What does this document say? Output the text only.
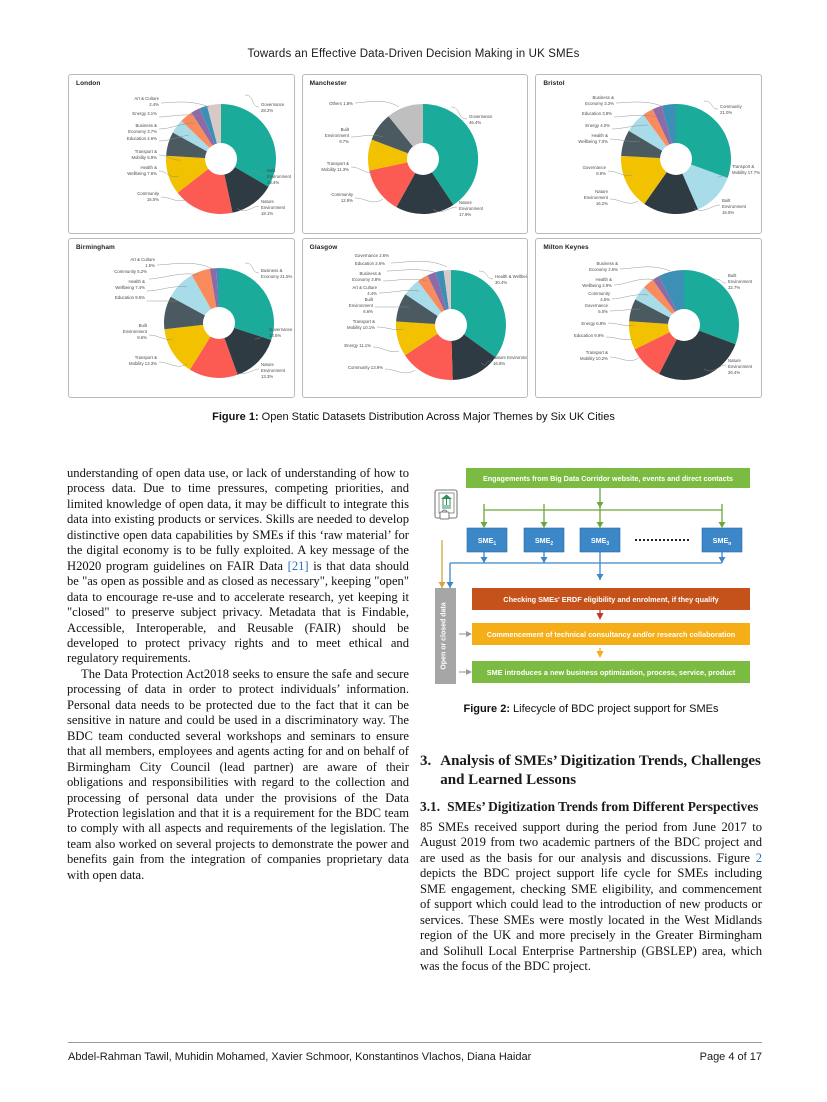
Towards an Effective Data-Driven Decision Making in UK SMEs
London
Governance
28.2%
Built
Environment
19.4%
Nature
Environment
18.1%
Community
15.0%
Health &
Wellbeing 7.6%
Transport &
Mobility 5.9%
Education 4.6%
Business &
Economy 3.7%
Energy 3.1%
Art & Culture
2.4%
Manchester
Governance
46.4%
Nature
Environment
17.9%
Community
12.9%
Transport &
Mobility 11.3%
Built
Environment
9.7%
Others 1.8%
Bristol
Community
21.0%
Transport &
Mobility 17.7%
Built
Environment
16.5%
Nature
Environment
16.2%
Governance
8.9%
Health &
Wellbeing 7.0%
Energy 4.0%
Education 3.8%
Business &
Economy 3.3%
Birmingham
Business &
Economy 21.5%
Governance
18.5%
Nature
Environment
13.3%
Transport &
Mobility 13.3%
Built
Environment
9.6%
Education 9.6%
Health &
Wellbeing 7.4%
Community 5.2%
Art & Culture
1.5%
Glasgow
Health & Wellbeing
30.4%
Nature Environment
16.8%
Community 13.9%
Energy 11.1%
Transport &
Mobility 10.1%
Built
Environment
6.6%
Art & Culture
4.4%
Business &
Economy 3.8%
Education 2.6%
Governance 2.6%
Milton Keynes
Built
Environment
32.7%
Nature
Environment
26.4%
Transport &
Mobility 10.2%
Education 9.9%
Energy 6.8%
Governance
5.0%
Community
4.5%
Health &
Wellbeing 2.9%
Business &
Economy 2.6%
Figure 1: Open Static Datasets Distribution Across Major Themes by Six UK Cities

understanding of open data use, or lack of understanding of how to process data. Due to time pressures, competing priorities, and limited knowledge of open data, it may be difficult to integrate this data into existing products or services. Skills are needed to develop distinctive open data capabilities by SMEs if this ‘raw material’ for the digital economy is to be fully exploited. A key message of the H2020 program guidelines on FAIR Data [21] is that data should be "as open as possible and as closed as necessary", keeping "open" data to encourage re-use and to accelerate research, yet keeping it "closed" to preserve subject privacy. Metadata that is Findable, Accessible, Interoperable, and Reusable (FAIR) should be developed to protect privacy rights and to meet ethical and regulatory requirements.

The Data Protection Act2018 seeks to ensure the safe and secure processing of data in order to protect individuals’ information. Personal data needs to be protected due to the fact that it can be sensitive in nature and could be used in a discriminatory way. The BDC team conducted several workshops and seminars to ensure that all members, employees and agents acting for and on behalf of Birmingham City Council (lead partner) are aware of their obligations and responsibilities with regard to the collection and processing of personal data under the provisions of the Data Protection legislation and that it is a requirement for the BDC team to comply with all aspects and requirements of the legislation. The team also worked on several projects to demonstrate the power and benefits gain from the integration of companies proprietary data with open data.

Engagements from Big Data Corridor website, events and direct contacts
$SME_1$	$SME_2$	$SME_3$	$SME_n$
Open or closed data
Checking SMEs' ERDF eligibility and enrolment, if they qualify
Commencement of technical consultancy and/or research collaboration
SME introduces a new business optimization, process, service, product
Figure 2: Lifecycle of BDC project support for SMEs
3. Analysis of SMEs’ Digitization Trends, Challenges and Learned Lessons
3.1. SMEs’ Digitization Trends from Different Perspectives

85 SMEs received support during the period from June 2017 to August 2019 from two academic partners of the BDC project and are used as the basis for our analysis and discussions. Figure 2 depicts the BDC project support life cycle for SMEs including SME engagement, checking SME eligibility, and commencement of support which could lead to the introduction of new products or services. These SMEs were mostly located in the West Midlands region of the UK and more precisely in the Greater Birmingham and Solihull Local Enterprise Partnership (GBSLEP) area, which was the focus of the BDC project.

Abdel-Rahman Tawil, Muhidin Mohamed, Xavier Schmoor, Konstantinos Vlachos, Diana Haidar	Page 4 of 17
